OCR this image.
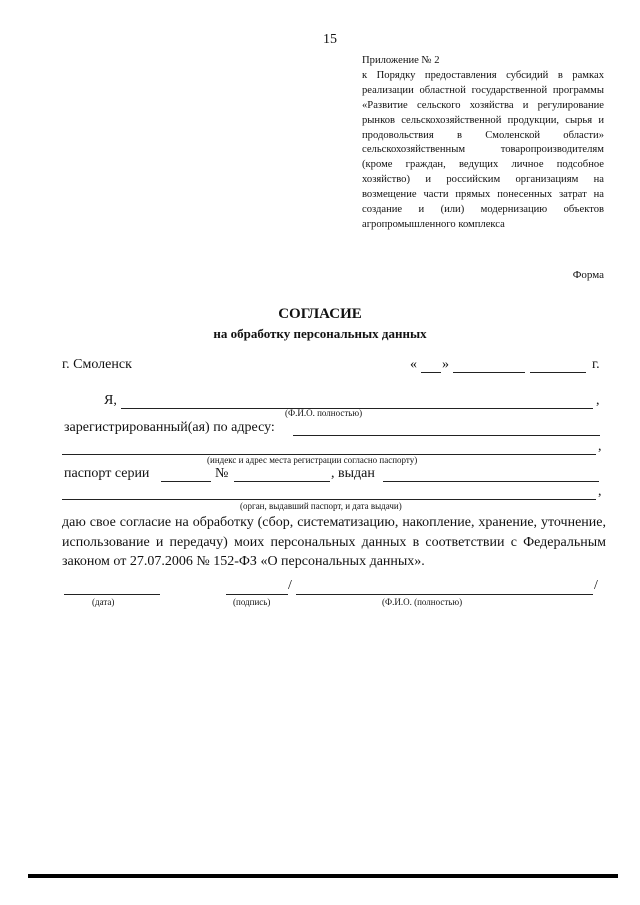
15
Приложение № 2
к Порядку предоставления субсидий в рамках реализации областной государственной программы «Развитие сельского хозяйства и регулирование рынков сельскохозяйственной продукции, сырья и продовольствия в Смоленской области» сельскохозяйственным товаропроизводителям (кроме граждан, ведущих личное подсобное хозяйство) и российским организациям на возмещение части прямых понесенных затрат на создание и (или) модернизацию объектов агропромышленного комплекса
Форма
СОГЛАСИЕ
на обработку персональных данных
г. Смоленск	« »	г.
Я,	,
(Ф.И.О. полностью)
зарегистрированный(ая) по адресу:
,
(индекс и адрес места регистрации согласно паспорту)
паспорт серии	№	, выдан
,
(орган, выдавший паспорт, и дата выдачи)
даю свое согласие на обработку (сбор, систематизацию, накопление, хранение, уточнение, использование и передачу) моих персональных данных в соответствии с Федеральным законом от 27.07.2006 № 152-ФЗ «О персональных данных».
/	/
(дата)	(подпись)	(Ф.И.О. (полностью)
